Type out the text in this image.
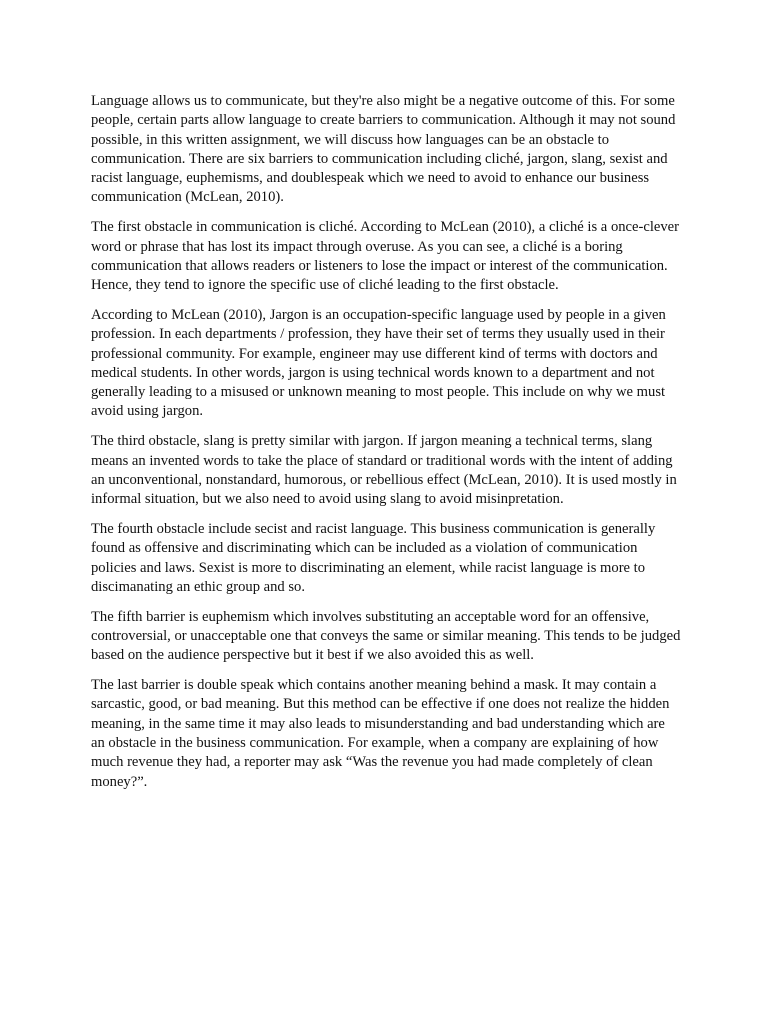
Language allows us to communicate, but they're also might be a negative outcome of this. For some people, certain parts allow language to create barriers to communication. Although it may not sound possible, in this written assignment, we will discuss how languages can be an obstacle to communication. There are six barriers to communication including cliché, jargon, slang, sexist and racist language, euphemisms, and doublespeak which we need to avoid to enhance our business communication (McLean, 2010).

The first obstacle in communication is cliché. According to McLean (2010), a cliché is a once-clever word or phrase that has lost its impact through overuse. As you can see, a cliché is a boring communication that allows readers or listeners to lose the impact or interest of the communication. Hence, they tend to ignore the specific use of cliché leading to the first obstacle.

According to McLean (2010), Jargon is an occupation-specific language used by people in a given profession. In each departments / profession, they have their set of terms they usually used in their professional community. For example, engineer may use different kind of terms with doctors and medical students. In other words, jargon is using technical words known to a department and not generally leading to a misused or unknown meaning to most people. This include on why we must avoid using jargon.

The third obstacle, slang is pretty similar with jargon. If jargon meaning a technical terms, slang means an invented words to take the place of standard or traditional words with the intent of adding an unconventional, nonstandard, humorous, or rebellious effect (McLean, 2010). It is used mostly in informal situation, but we also need to avoid using slang to avoid misinpretation.

The fourth obstacle include secist and racist language. This business communication is generally found as offensive and discriminating which can be included as a violation of communication policies and laws. Sexist is more to discriminating an element, while racist language is more to discimanating an ethic group and so.

The fifth barrier is euphemism which involves substituting an acceptable word for an offensive, controversial, or unacceptable one that conveys the same or similar meaning. This tends to be judged based on the audience perspective but it best if we also avoided this as well.

The last barrier is double speak which contains another meaning behind a mask. It may contain a sarcastic, good, or bad meaning. But this method can be effective if one does not realize the hidden meaning, in the same time it may also leads to misunderstanding and bad understanding which are an obstacle in the business communication. For example, when a company are explaining of how much revenue they had, a reporter may ask “Was the revenue you had made completely of clean money?”.
